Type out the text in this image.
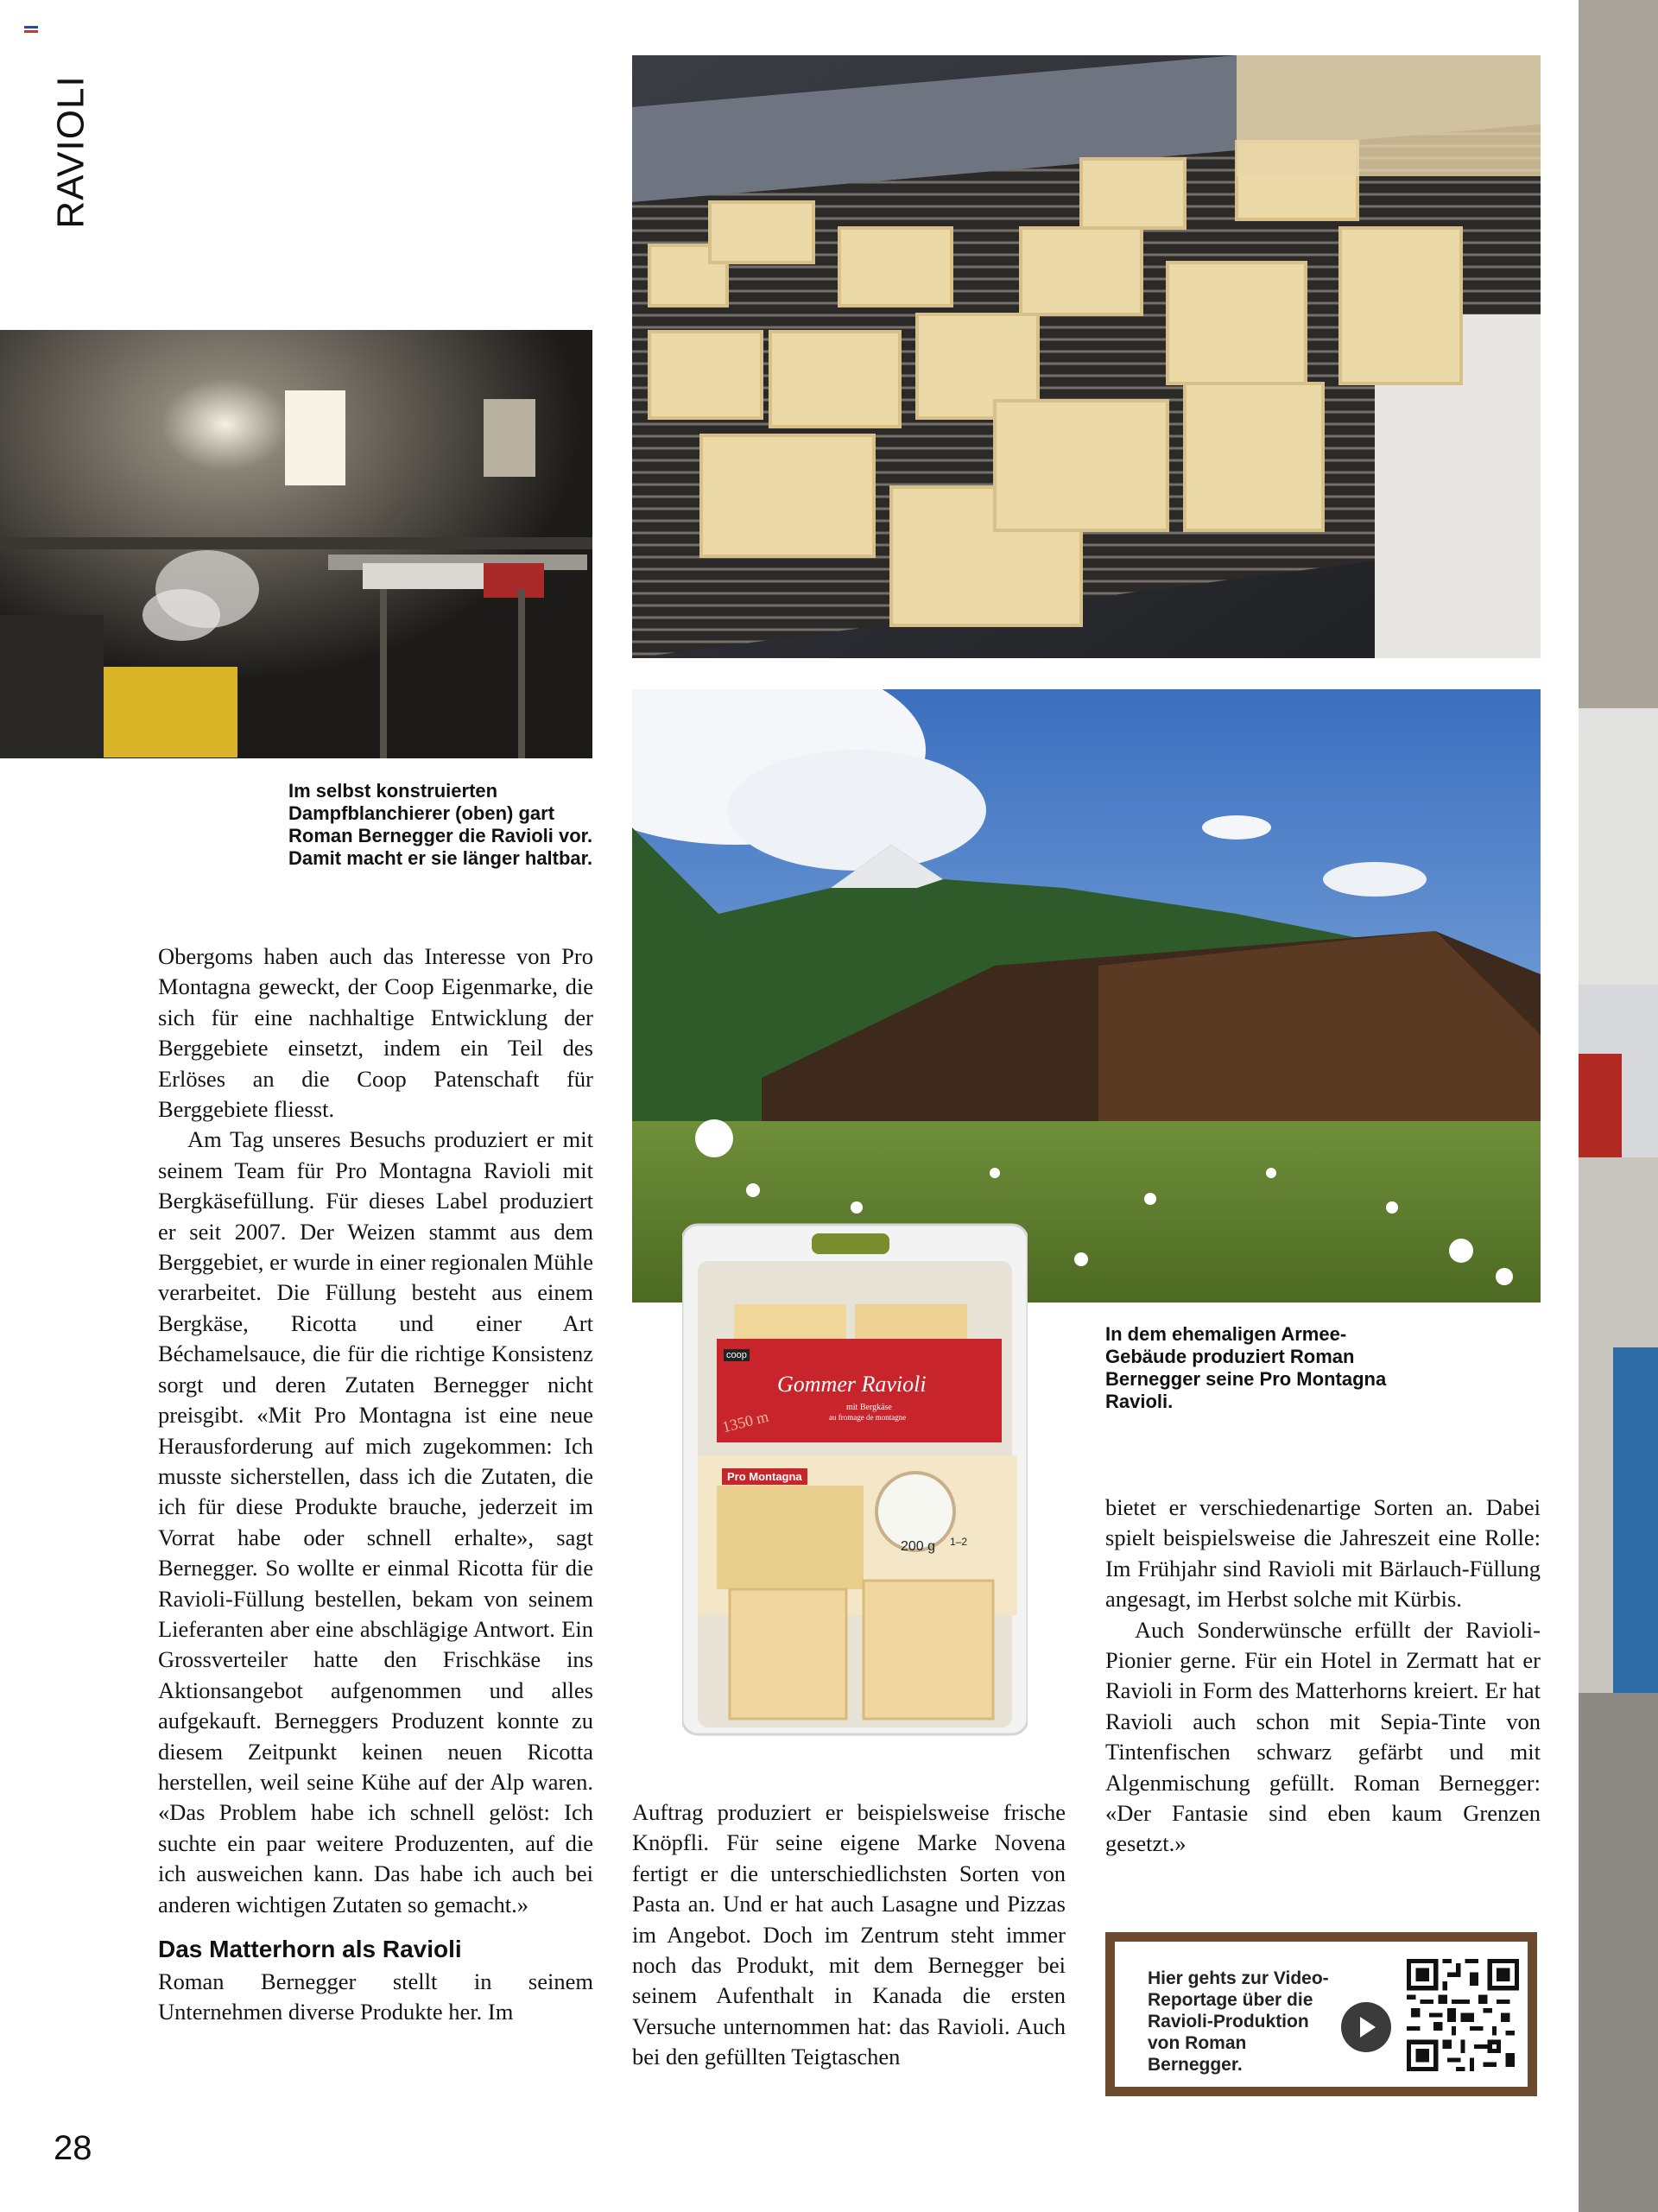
RAVIOLI
coop
Gommer Ravioli
mit Bergkäse
au fromage de montagne
1350 m
Pro Montagna
200 g 1–2
Im selbst konstruierten Dampfblanchierer (oben) gart Roman Bernegger die Ravioli vor. Damit macht er sie länger haltbar.
In dem ehemaligen Armee-Gebäude produziert Roman Bernegger seine Pro Montagna Ravioli.

Obergoms haben auch das Interesse von Pro Montagna geweckt, der Coop Eigenmarke, die sich für eine nachhaltige Entwicklung der Berggebiete einsetzt, indem ein Teil des Erlöses an die Coop Patenschaft für Berggebiete fliesst.

Am Tag unseres Besuchs produziert er mit seinem Team für Pro Montagna Ravioli mit Bergkäsefüllung. Für dieses Label produziert er seit 2007. Der Weizen stammt aus dem Berggebiet, er wurde in einer regionalen Mühle verarbeitet. Die Füllung besteht aus einem Bergkäse, Ricotta und einer Art Béchamelsauce, die für die richtige Konsistenz sorgt und deren Zutaten Bernegger nicht preisgibt. «Mit Pro Montagna ist eine neue Herausforderung auf mich zugekommen: Ich musste sicherstellen, dass ich die Zutaten, die ich für diese Produkte brauche, jederzeit im Vorrat habe oder schnell erhalte», sagt Bernegger. So wollte er einmal Ricotta für die Ravioli-Füllung bestellen, bekam von seinem Lieferanten aber eine abschlägige Antwort. Ein Grossverteiler hatte den Frischkäse ins Aktionsangebot aufgenommen und alles aufgekauft. Berneggers Produzent konnte zu diesem Zeitpunkt keinen neuen Ricotta herstellen, weil seine Kühe auf der Alp waren. «Das Problem habe ich schnell gelöst: Ich suchte ein paar weitere Produzenten, auf die ich ausweichen kann. Das habe ich auch bei anderen wichtigen Zutaten so gemacht.»

Das Matterhorn als Ravioli

Roman Bernegger stellt in seinem Unternehmen diverse Produkte her. Im

Auftrag produziert er beispielsweise frische Knöpfli. Für seine eigene Marke Novena fertigt er die unterschiedlichsten Sorten von Pasta an. Und er hat auch Lasagne und Pizzas im Angebot. Doch im Zentrum steht immer noch das Produkt, mit dem Bernegger bei seinem Aufenthalt in Kanada die ersten Versuche unternommen hat: das Ravioli. Auch bei den gefüllten Teigtaschen

bietet er verschiedenartige Sorten an. Dabei spielt beispielsweise die Jahreszeit eine Rolle: Im Frühjahr sind Ravioli mit Bärlauch-Füllung angesagt, im Herbst solche mit Kürbis.

Auch Sonderwünsche erfüllt der Ravioli-Pionier gerne. Für ein Hotel in Zermatt hat er Ravioli in Form des Matterhorns kreiert. Er hat Ravioli auch schon mit Sepia-Tinte von Tintenfischen schwarz gefärbt und mit Algenmischung gefüllt. Roman Bernegger: «Der Fantasie sind eben kaum Grenzen gesetzt.»

Hier gehts zur Video-Reportage über die Ravioli-Produktion von Roman Bernegger.
28
